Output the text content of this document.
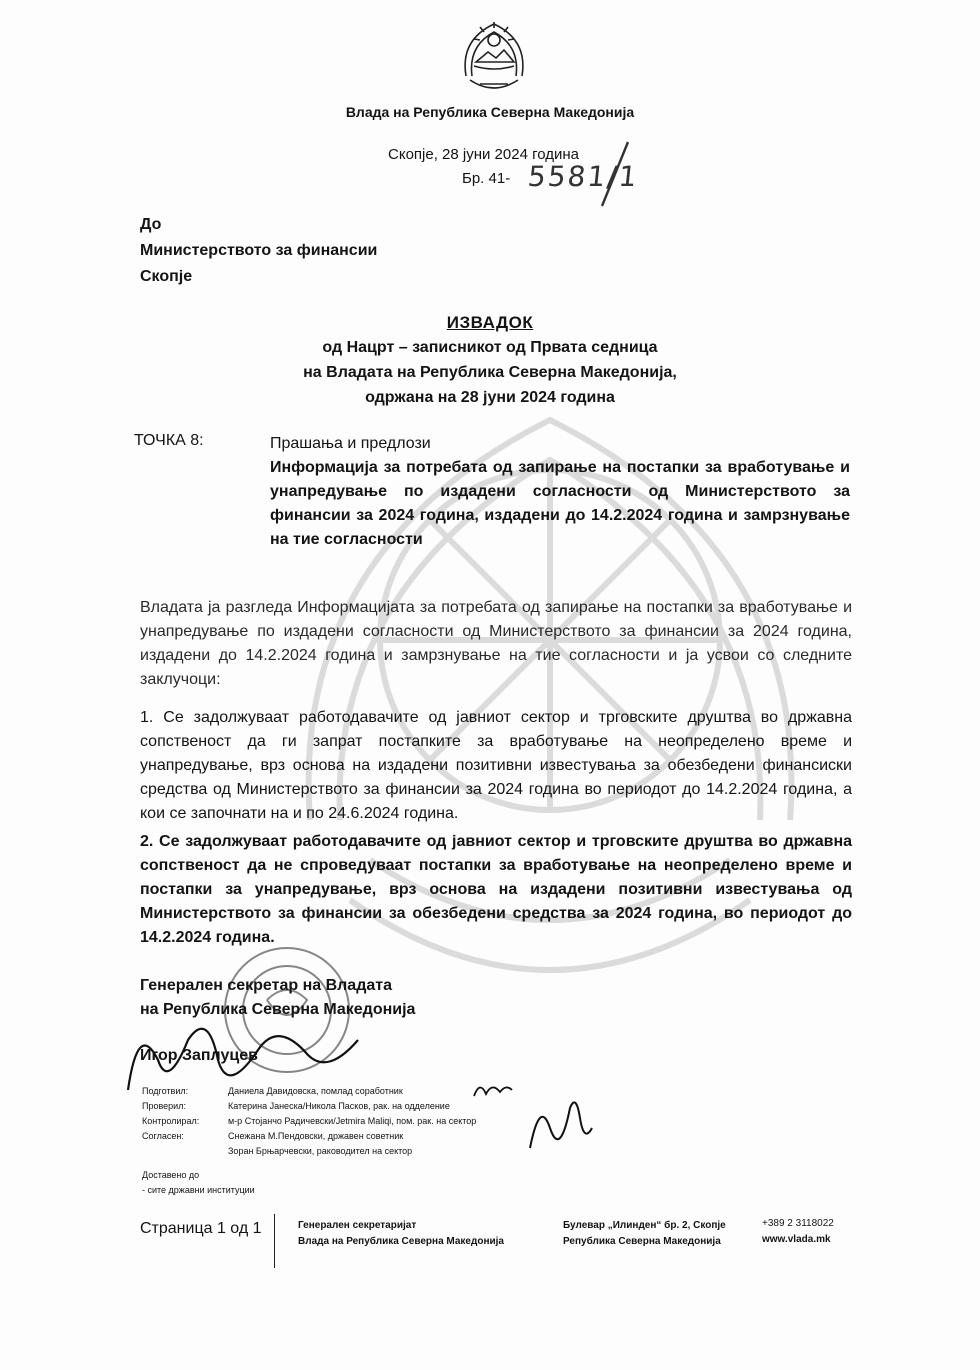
Влада на Република Северна Македонија
Скопје, 28 јуни 2024 година
Бр. 41- 5581/1
До
Министерството за финансии
Скопје
ИЗВАДОК
од Нацрт – записникот од Првата седница
на Владата на Република Северна Македонија,
одржана на 28 јуни 2024 година
ТОЧКА 8:	Прашања и предлози
Информација за потребата од запирање на постапки за вработување и унапредување по издадени согласности од Министерството за финансии за 2024 година, издадени до 14.2.2024 година и замрзнување на тие согласности
Владата ја разгледа Информацијата за потребата од запирање на постапки за вработување и унапредување по издадени согласности од Министерството за финансии за 2024 година, издадени до 14.2.2024 година и замрзнување на тие согласности и ја усвои со следните заклучоци:
1. Се задолжуваат работодавачите од јавниот сектор и трговските друштва во државна сопственост да ги запрат постапките за вработување на неопределено време и унапредување, врз основа на издадени позитивни известувања за обезбедени финансиски средства од Министерството за финансии за 2024 година во периодот до 14.2.2024 година, а кои се започнати на и по 24.6.2024 година.
2. Се задолжуваат работодавачите од јавниот сектор и трговските друштва во државна сопственост да не спроведуваат постапки за вработување на неопределено време и постапки за унапредување, врз основа на издадени позитивни известувања од Министерството за финансии за обезбедени средства за 2024 година, во периодот до 14.2.2024 година.
Генерален секретар на Владата
на Република Северна Македонија
Игор Заплуцев
Подготвил:	Даниела Давидовска, помлад соработник
Проверил:	Катерина Јанеска/Никола Пасков, рак. на одделение
Контролирал:	м-р Стојанчо Радичевски/Jetmira Maliqi, пом. рак. на сектор
Согласен:	Снежана М.Пендовски, државен советник
Зоран Брњарчевски, раководител на сектор
Доставено до
- сите државни институции
Страница 1 од 1	Генерален секретаријат
Влада на Република Северна Македонија
Булевар „Илинден“ бр. 2, Скопје
Република Северна Македонија
+389 2 3118022
www.vlada.mk
